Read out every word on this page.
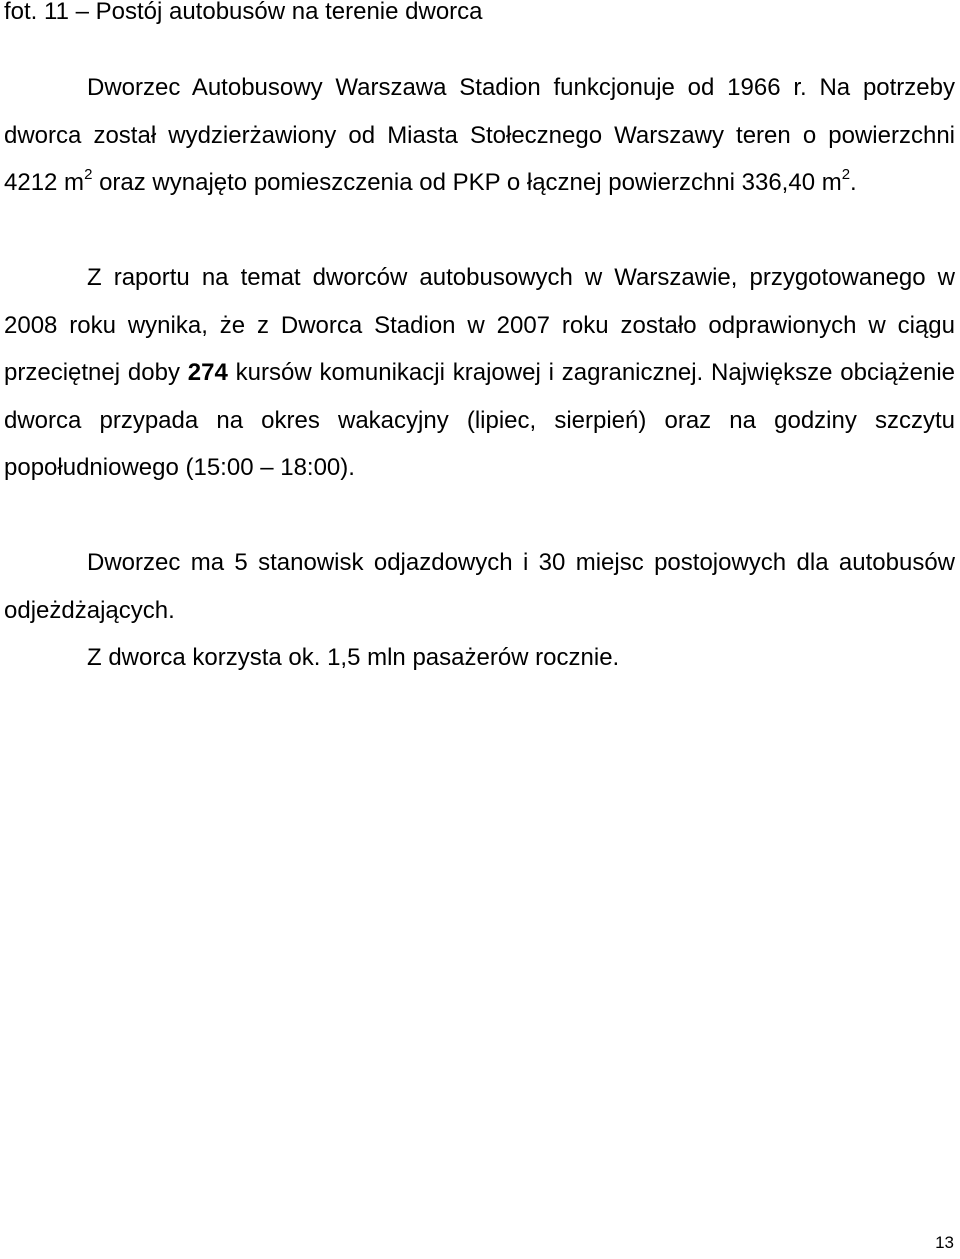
fot. 11 – Postój autobusów na terenie dworca

Dworzec Autobusowy Warszawa Stadion funkcjonuje od 1966 r. Na potrzeby dworca został wydzierżawiony od Miasta Stołecznego Warszawy teren o powierzchni 4212 $m^2$ oraz wynajęto pomieszczenia od PKP o łącznej powierzchni 336,40 $m^2$.

Z raportu na temat dworców autobusowych w Warszawie, przygotowanego w 2008 roku wynika, że z Dworca Stadion w 2007 roku zostało odprawionych w ciągu przeciętnej doby 274 kursów komunikacji krajowej i zagranicznej. Największe obciążenie dworca przypada na okres wakacyjny (lipiec, sierpień) oraz na godziny szczytu popołudniowego (15:00 – 18:00).

Dworzec ma 5 stanowisk odjazdowych i 30 miejsc postojowych dla autobusów odjeżdżających.

Z dworca korzysta ok. 1,5 mln pasażerów rocznie.

13
